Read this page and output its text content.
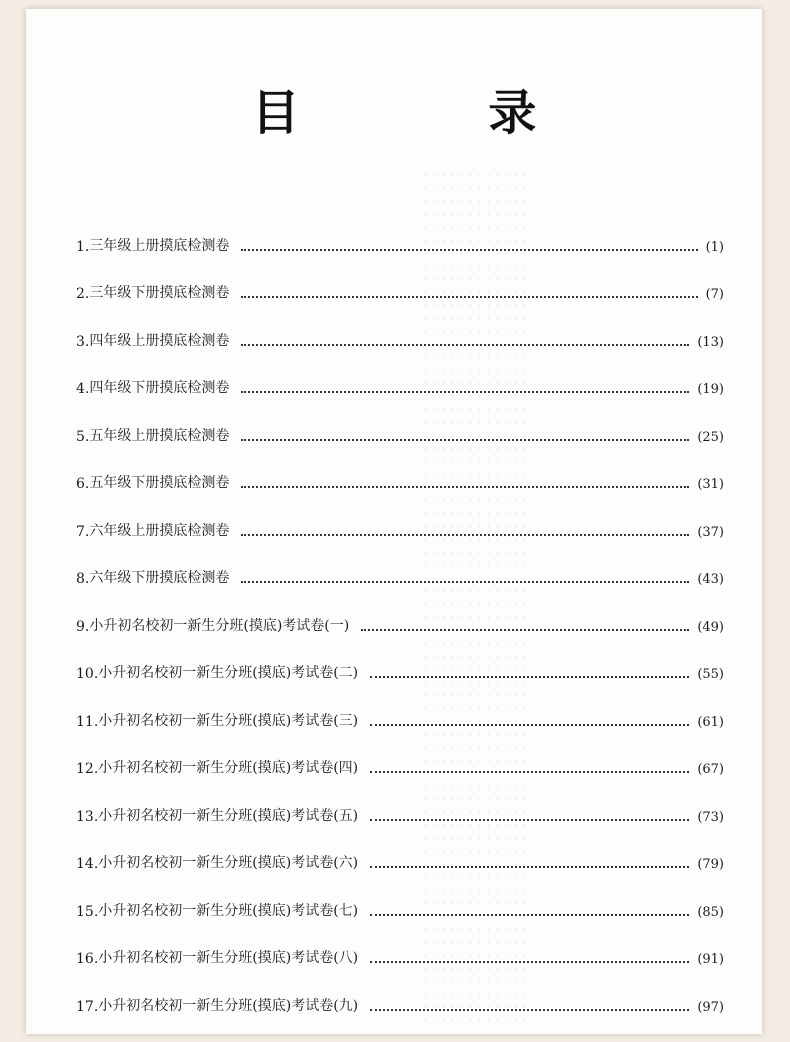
目 录
1. 三年级上册摸底检测卷	(1)
2. 三年级下册摸底检测卷	(7)
3. 四年级上册摸底检测卷	(13)
4. 四年级下册摸底检测卷	(19)
5. 五年级上册摸底检测卷	(25)
6. 五年级下册摸底检测卷	(31)
7. 六年级上册摸底检测卷	(37)
8. 六年级下册摸底检测卷	(43)
9. 小升初名校初一新生分班(摸底)考试卷(一)	(49)
10. 小升初名校初一新生分班(摸底)考试卷(二)	(55)
11. 小升初名校初一新生分班(摸底)考试卷(三)	(61)
12. 小升初名校初一新生分班(摸底)考试卷(四)	(67)
13. 小升初名校初一新生分班(摸底)考试卷(五)	(73)
14. 小升初名校初一新生分班(摸底)考试卷(六)	(79)
15. 小升初名校初一新生分班(摸底)考试卷(七)	(85)
16. 小升初名校初一新生分班(摸底)考试卷(八)	(91)
17. 小升初名校初一新生分班(摸底)考试卷(九)	(97)
